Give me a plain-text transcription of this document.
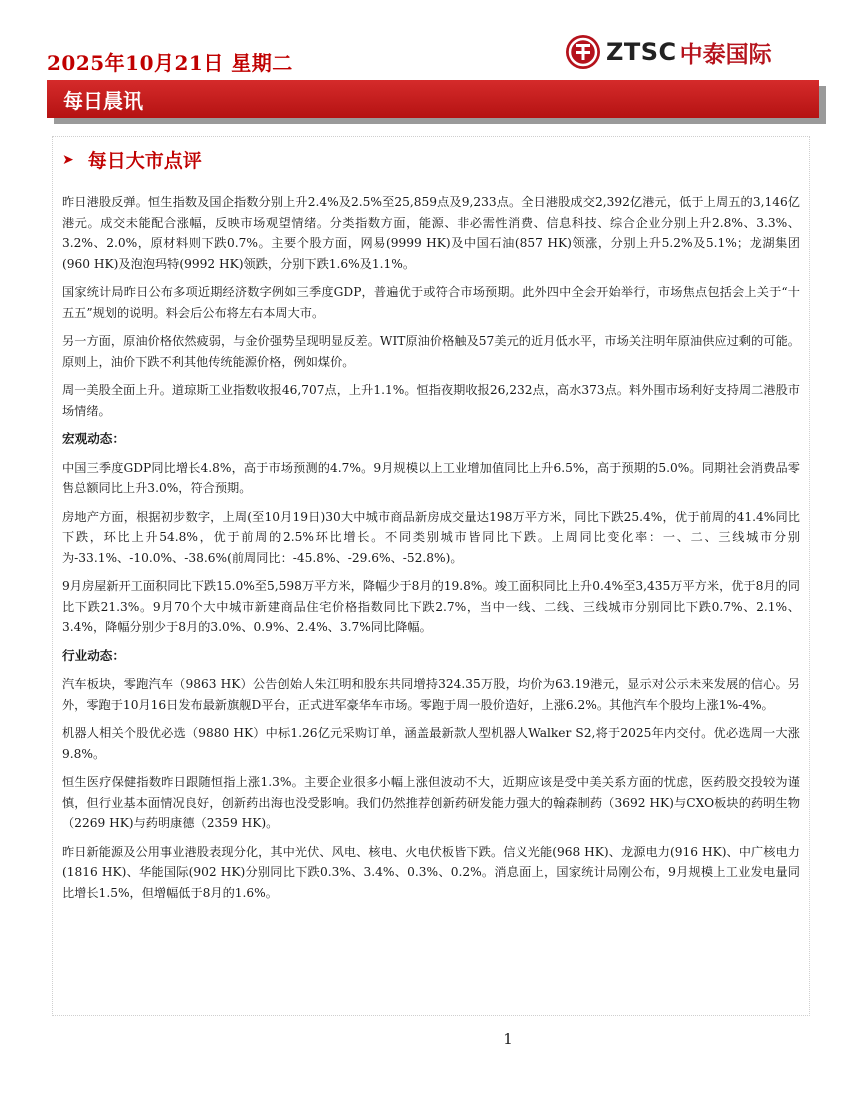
2025年10月21日 星期二	ZTSC 中泰国际
每日晨讯
➤ 每日大市点评

昨日港股反弹。恒生指数及国企指数分别上升2.4%及2.5%至25,859点及9,233点。全日港股成交2,392亿港元，低于上周五的3,146亿港元。成交未能配合涨幅，反映市场观望情绪。分类指数方面，能源、非必需性消费、信息科技、综合企业分别上升2.8%、3.3%、3.2%、2.0%，原材料则下跌0.7%。主要个股方面，网易(9999 HK)及中国石油(857 HK)领涨，分别上升5.2%及5.1%；龙湖集团(960 HK)及泡泡玛特(9992 HK)领跌，分别下跌1.6%及1.1%。

国家统计局昨日公布多项近期经济数字例如三季度GDP，普遍优于或符合市场预期。此外四中全会开始举行，市场焦点包括会上关于“十五五”规划的说明。料会后公布将左右本周大市。

另一方面，原油价格依然疲弱，与金价强势呈现明显反差。WIT原油价格触及57美元的近月低水平，市场关注明年原油供应过剩的可能。原则上，油价下跌不利其他传统能源价格，例如煤价。

周一美股全面上升。道琼斯工业指数收报46,707点，上升1.1%。恒指夜期收报26,232点，高水373点。料外围市场利好支持周二港股市场情绪。

宏观动态：

中国三季度GDP同比增长4.8%，高于市场预测的4.7%。9月规模以上工业增加值同比上升6.5%，高于预期的5.0%。同期社会消费品零售总额同比上升3.0%，符合预期。

房地产方面，根据初步数字，上周(至10月19日)30大中城市商品新房成交量达198万平方米，同比下跌25.4%，优于前周的41.4%同比下跌，环比上升54.8%，优于前周的2.5%环比增长。不同类别城市皆同比下跌。上周同比变化率：一、二、三线城市分别为-33.1%、-10.0%、-38.6%(前周同比：-45.8%、-29.6%、-52.8%)。

9月房屋新开工面积同比下跌15.0%至5,598万平方米，降幅少于8月的19.8%。竣工面积同比上升0.4%至3,435万平方米，优于8月的同比下跌21.3%。9月70个大中城市新建商品住宅价格指数同比下跌2.7%，当中一线、二线、三线城市分别同比下跌0.7%、2.1%、3.4%，降幅分别少于8月的3.0%、0.9%、2.4%、3.7%同比降幅。

行业动态：

汽车板块，零跑汽车（9863 HK）公告创始人朱江明和股东共同增持324.35万股，均价为63.19港元，显示对公示未来发展的信心。另外，零跑于10月16日发布最新旗舰D平台，正式进军豪华车市场。零跑于周一股价造好，上涨6.2%。其他汽车个股均上涨1%-4%。

机器人相关个股优必选（9880 HK）中标1.26亿元采购订单，涵盖最新款人型机器人Walker S2,将于2025年内交付。优必选周一大涨9.8%。

恒生医疗保健指数昨日跟随恒指上涨1.3%。主要企业很多小幅上涨但波动不大，近期应该是受中美关系方面的忧虑，医药股交投较为谨慎，但行业基本面情况良好，创新药出海也没受影响。我们仍然推荐创新药研发能力强大的翰森制药（3692 HK)与CXO板块的药明生物（2269 HK)与药明康德（2359 HK)。

昨日新能源及公用事业港股表现分化，其中光伏、风电、核电、火电伏板皆下跌。信义光能(968 HK)、龙源电力(916 HK)、中广核电力(1816 HK)、华能国际(902 HK)分别同比下跌0.3%、3.4%、0.3%、0.2%。消息面上，国家统计局刚公布，9月规模上工业发电量同比增长1.5%，但增幅低于8月的1.6%。

1
